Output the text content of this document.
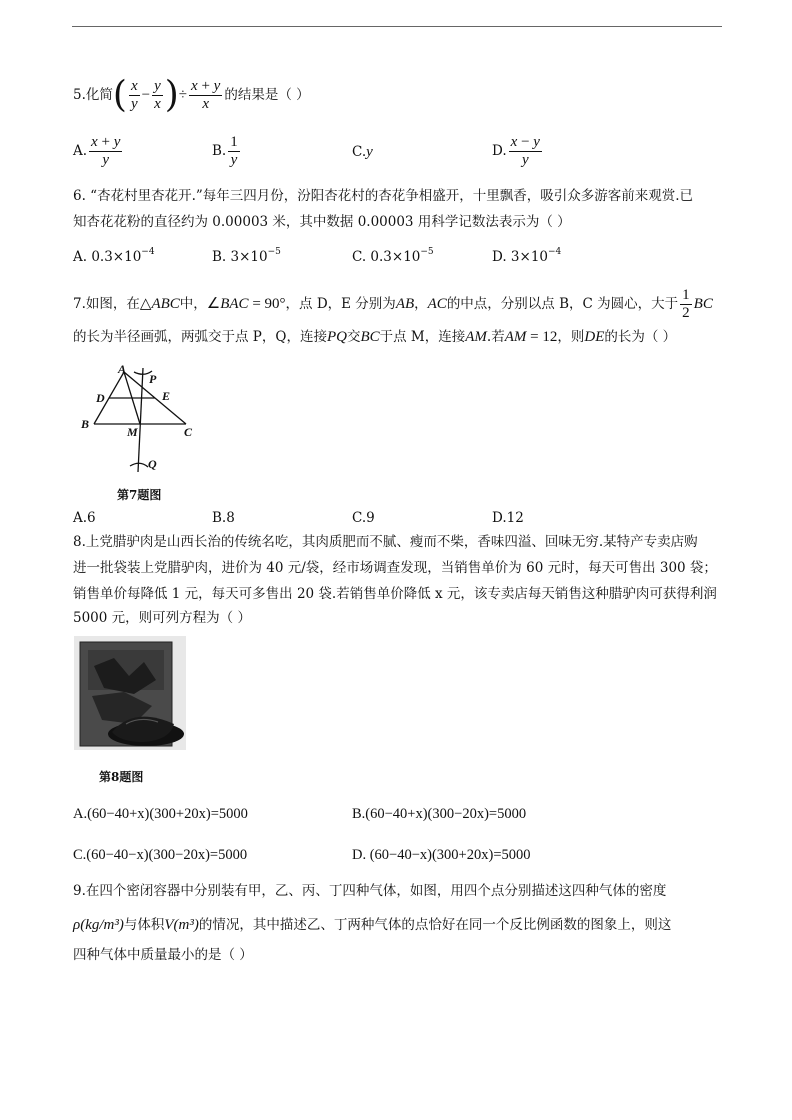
5.化简( $\frac{x}{y} - \frac{y}{x}$ )÷ $\frac{x + y}{x}$ 的结果是（ ）
A. $\frac{x + y}{y}$	B. $\frac{1}{y}$	C.y	D. $\frac{x - y}{y}$
6. “杏花村里杏花开.”每年三四月份，汾阳杏花村的杏花争相盛开，十里飘香，吸引众多游客前来观赏.已
知杏花花粉的直径约为 0.00003 米，其中数据 0.00003 用科学记数法表示为（ ）
A. $0.3\times 10^{-4}$	B. $3\times 10^{-5}$	C. $0.3\times 10^{-5}$	D. $3\times 10^{-4}$
7.如图，在△ABC中，∠BAC = 90°，点 D，E 分别为AB，AC的中点，分别以点 B，C 为圆心，大于 $\frac{1}{2}$ BC
的长为半径画弧，两弧交于点 P，Q，连接PQ交BC于点 M，连接AM.若AM = 12，则DE的长为（ ）
A
P
D	E
B
M	C
Q
第7题图
A.6	B.8	C.9	D.12
8.上党腊驴肉是山西长治的传统名吃，其肉质肥而不腻、瘦而不柴，香味四溢、回味无穷.某特产专卖店购
进一批袋装上党腊驴肉，进价为 40 元/袋，经市场调查发现，当销售单价为 60 元时，每天可售出 300 袋；
销售单价每降低 1 元，每天可多售出 20 袋.若销售单价降低 x 元，该专卖店每天销售这种腊驴肉可获得利润
5000 元，则可列方程为（ ）
第8题图
A.(60−40+x)(300+20x)=5000	B.(60−40+x)(300−20x)=5000
C.(60−40−x)(300−20x)=5000	D. (60−40−x)(300+20x)=5000
9.在四个密闭容器中分别装有甲，乙、丙、丁四种气体，如图，用四个点分别描述这四种气体的密度
ρ(kg/m³)与体积V(m³)的情况，其中描述乙、丁两种气体的点恰好在同一个反比例函数的图象上，则这
四种气体中质量最小的是（ ）
